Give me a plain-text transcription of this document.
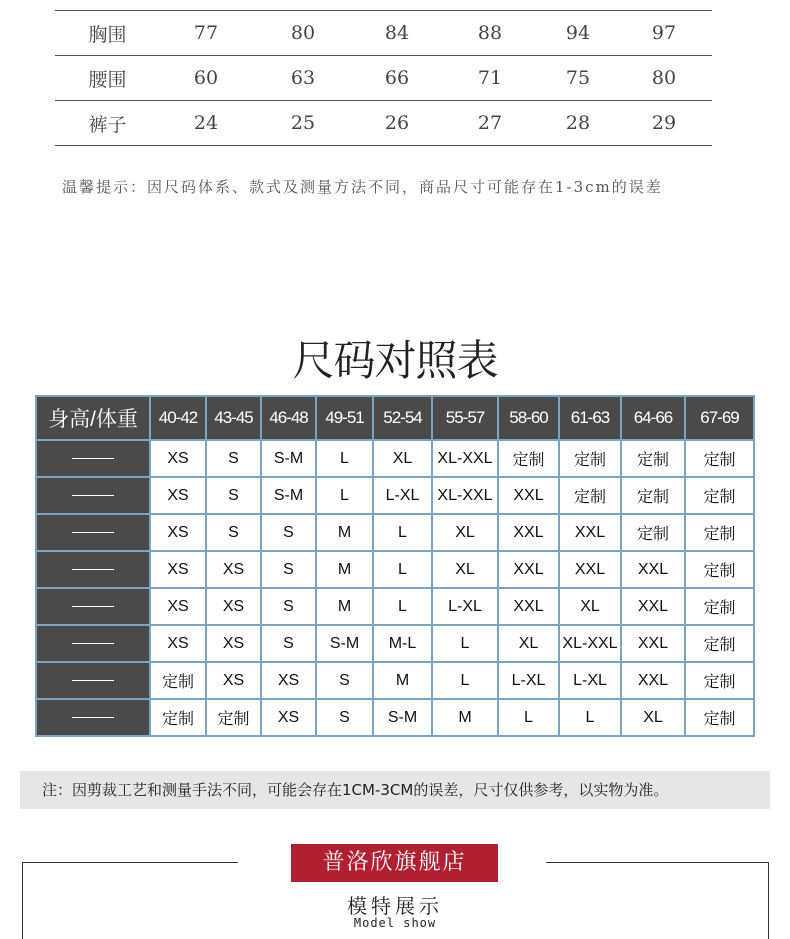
胸围	77	80	84	88	94	97
腰围	60	63	66	71	75	80
裤子	24	25	26	27	28	29
温馨提示：因尺码体系、款式及测量方法不同，商品尺寸可能存在1-3cm的误差
尺码对照表
身高/体重	40-42	43-45	46-48	49-51	52-54	55-57	58-60	61-63	64-66	67-69
	XS	S	S-M	L	XL	XL-XXL	定制	定制	定制	定制
	XS	S	S-M	L	L-XL	XL-XXL	XXL	定制	定制	定制
	XS	S	S	M	L	XL	XXL	XXL	定制	定制
	XS	XS	S	M	L	XL	XXL	XXL	XXL	定制
	XS	XS	S	M	L	L-XL	XXL	XL	XXL	定制
	XS	XS	S	S-M	M-L	L	XL	XL-XXL	XXL	定制
	定制	XS	XS	S	M	L	L-XL	L-XL	XXL	定制
	定制	定制	XS	S	S-M	M	L	L	XL	定制
注：因剪裁工艺和测量手法不同，可能会存在1CM-3CM的误差，尺寸仅供参考，以实物为准。
普洛欣旗舰店
模特展示
Model show
